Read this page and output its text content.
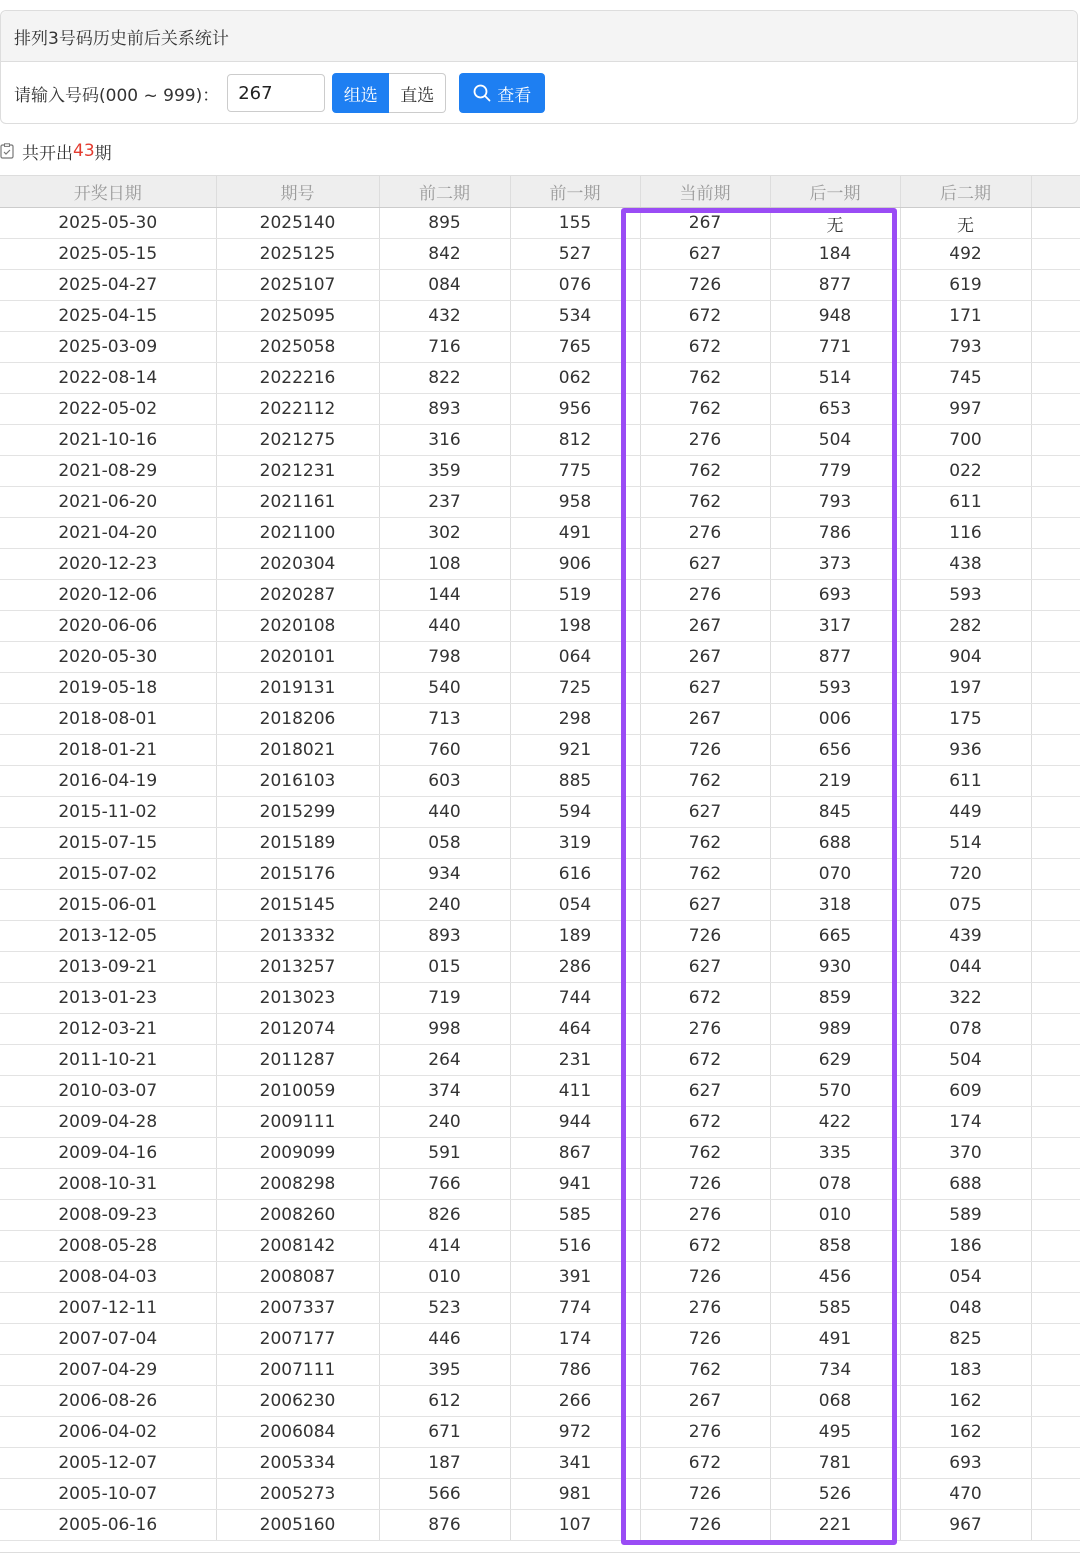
排列3号码历史前后关系统计
请输入号码(000 ~ 999)：
267	组选	直选	查看
共开出 43 期
开奖日期	期号	前二期	前一期	当前期	后一期	后二期	
2025-05-30	2025140	895	155	267	无	无	
2025-05-15	2025125	842	527	627	184	492	
2025-04-27	2025107	084	076	726	877	619	
2025-04-15	2025095	432	534	672	948	171	
2025-03-09	2025058	716	765	672	771	793	
2022-08-14	2022216	822	062	762	514	745	
2022-05-02	2022112	893	956	762	653	997	
2021-10-16	2021275	316	812	276	504	700	
2021-08-29	2021231	359	775	762	779	022	
2021-06-20	2021161	237	958	762	793	611	
2021-04-20	2021100	302	491	276	786	116	
2020-12-23	2020304	108	906	627	373	438	
2020-12-06	2020287	144	519	276	693	593	
2020-06-06	2020108	440	198	267	317	282	
2020-05-30	2020101	798	064	267	877	904	
2019-05-18	2019131	540	725	627	593	197	
2018-08-01	2018206	713	298	267	006	175	
2018-01-21	2018021	760	921	726	656	936	
2016-04-19	2016103	603	885	762	219	611	
2015-11-02	2015299	440	594	627	845	449	
2015-07-15	2015189	058	319	762	688	514	
2015-07-02	2015176	934	616	762	070	720	
2015-06-01	2015145	240	054	627	318	075	
2013-12-05	2013332	893	189	726	665	439	
2013-09-21	2013257	015	286	627	930	044	
2013-01-23	2013023	719	744	672	859	322	
2012-03-21	2012074	998	464	276	989	078	
2011-10-21	2011287	264	231	672	629	504	
2010-03-07	2010059	374	411	627	570	609	
2009-04-28	2009111	240	944	672	422	174	
2009-04-16	2009099	591	867	762	335	370	
2008-10-31	2008298	766	941	726	078	688	
2008-09-23	2008260	826	585	276	010	589	
2008-05-28	2008142	414	516	672	858	186	
2008-04-03	2008087	010	391	726	456	054	
2007-12-11	2007337	523	774	276	585	048	
2007-07-04	2007177	446	174	726	491	825	
2007-04-29	2007111	395	786	762	734	183	
2006-08-26	2006230	612	266	267	068	162	
2006-04-02	2006084	671	972	276	495	162	
2005-12-07	2005334	187	341	672	781	693	
2005-10-07	2005273	566	981	726	526	470	
2005-06-16	2005160	876	107	726	221	967	
